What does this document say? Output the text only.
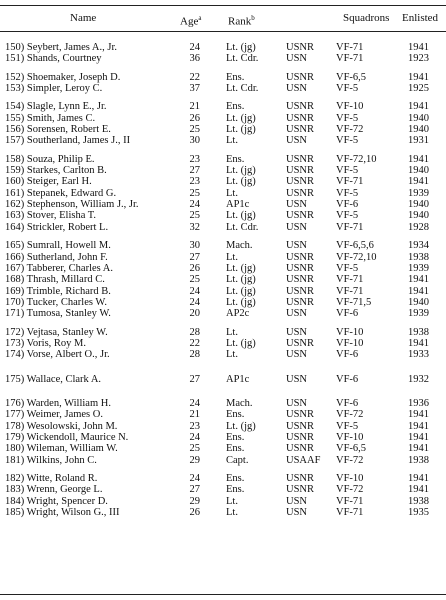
Name	Age$^a$ Rank$^b$	Squadrons Enlisted
150) Seybert, James A., Jr.	24 Lt. (jg)	USNR VF-71	1941
151) Shands, Courtney	36 Lt. Cdr.	USN	VF-71	1923
152) Shoemaker, Joseph D.	22 Ens.	USNR VF-6,5	1941
153) Simpler, Leroy C.	37 Lt. Cdr.	USN	VF-5	1925
154) Slagle, Lynn E., Jr.	21 Ens.	USNR VF-10	1941
155) Smith, James C.	26 Lt. (jg)	USNR VF-5	1940
156) Sorensen, Robert E.	25 Lt. (jg)	USNR VF-72	1940
157) Southerland, James J., II	30 Lt.	USN	VF-5	1931
158) Souza, Philip E.	23 Ens.	USNR VF-72,10	1941
159) Starkes, Carlton B.	27 Lt. (jg)	USNR VF-5	1940
160) Steiger, Earl H.	23 Lt. (jg)	USNR VF-71	1941
161) Stepanek, Edward G.	25 Lt.	USNR VF-5	1939
162) Stephenson, William J., Jr.	24 AP1c	USN	VF-6	1940
163) Stover, Elisha T.	25 Lt. (jg)	USNR VF-5	1940
164) Strickler, Robert L.	32 Lt. Cdr.	USN	VF-71	1928
165) Sumrall, Howell M.	30 Mach.	USN	VF-6,5,6	1934
166) Sutherland, John F.	27 Lt.	USNR VF-72,10	1938
167) Tabberer, Charles A.	26 Lt. (jg)	USNR VF-5	1939
168) Thrash, Millard C.	25 Lt. (jg)	USNR VF-71	1941
169) Trimble, Richard B.	24 Lt. (jg)	USNR VF-71	1941
170) Tucker, Charles W.	24 Lt. (jg)	USNR VF-71,5	1940
171) Tumosa, Stanley W.	20 AP2c	USN	VF-6	1939
172) Vejtasa, Stanley W.	28 Lt.	USN	VF-10	1938
173) Voris, Roy M.	22 Lt. (jg)	USNR VF-10	1941
174) Vorse, Albert O., Jr.	28 Lt.	USN	VF-6	1933
175) Wallace, Clark A.	27 AP1c	USN	VF-6	1932
176) Warden, William H.	24 Mach.	USN	VF-6	1936
177) Weimer, James O.	21 Ens.	USNR VF-72	1941
178) Wesolowski, John M.	23 Lt. (jg)	USNR VF-5	1941
179) Wickendoll, Maurice N.	24 Ens.	USNR VF-10	1941
180) Wileman, William W.	25 Ens.	USNR VF-6,5	1941
181) Wilkins, John C.	29 Capt.	USAAF VF-72	1938
182) Witte, Roland R.	24 Ens.	USNR VF-10	1941
183) Wrenn, George L.	27 Ens.	USNR VF-72	1941
184) Wright, Spencer D.	29 Lt.	USN	VF-71	1938
185) Wright, Wilson G., III	26 Lt.	USN	VF-71	1935
